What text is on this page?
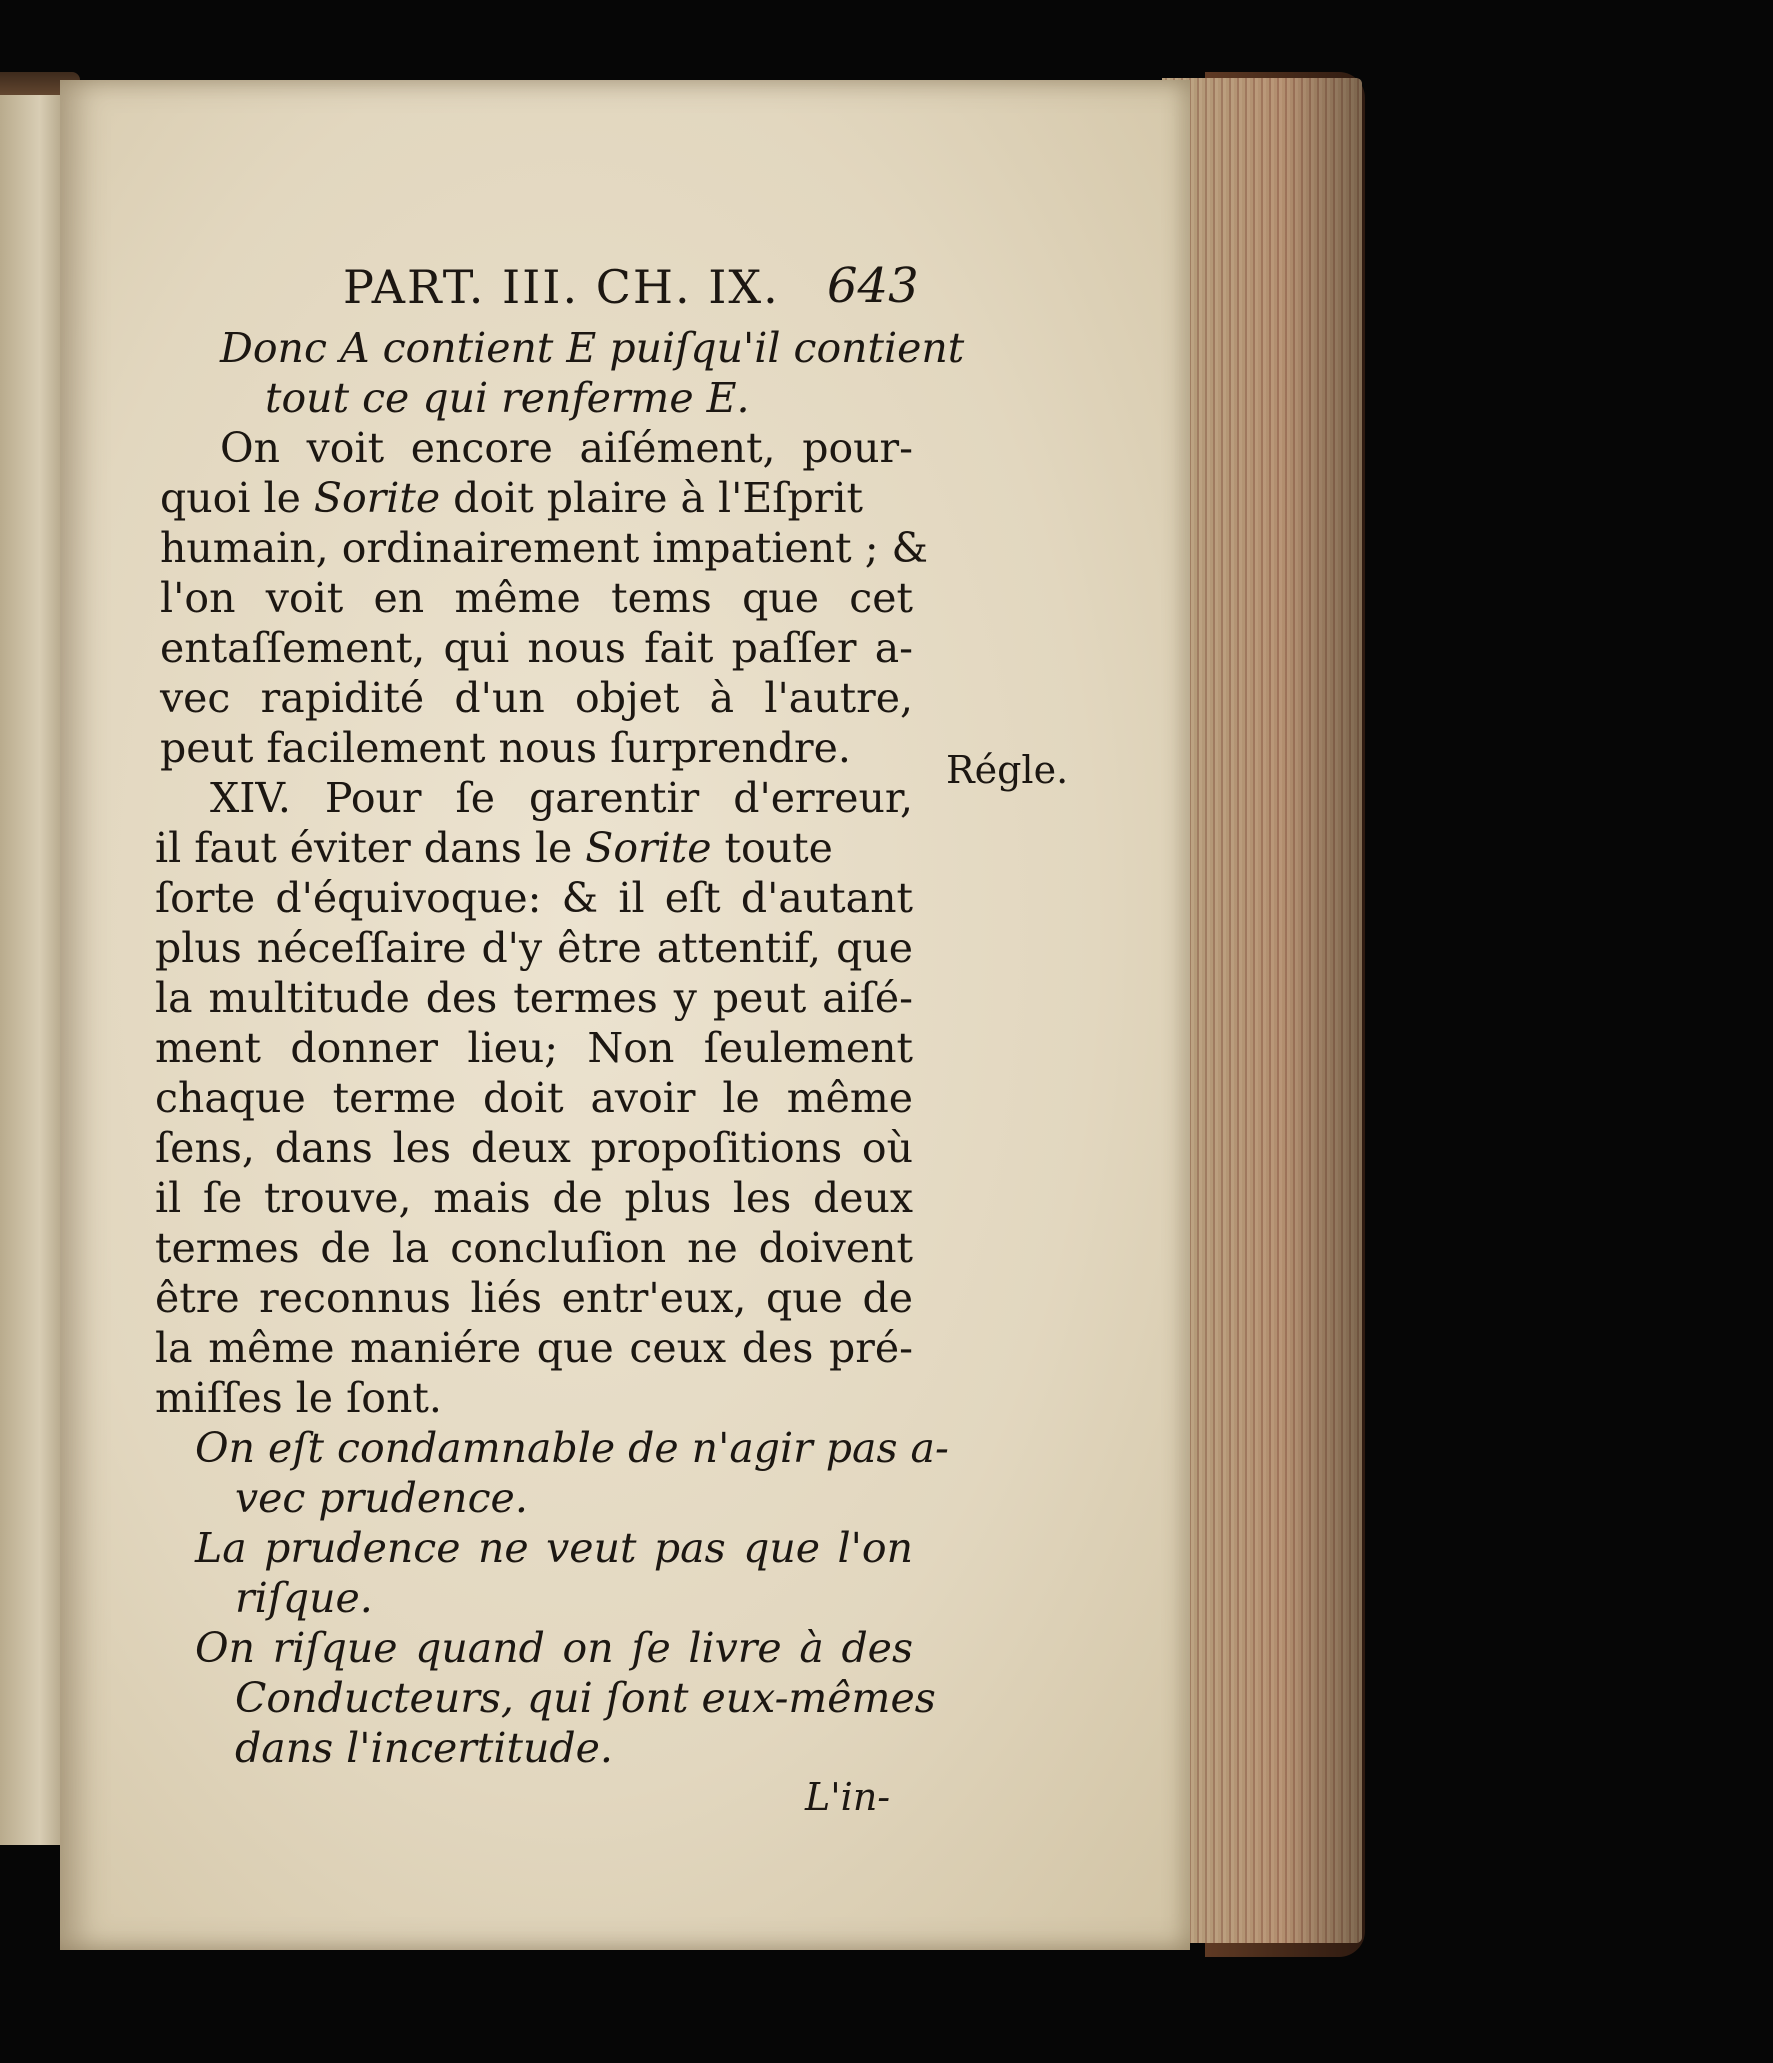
PART. III. CH. IX. 643
Donc A contient E puiſqu'il contient
tout ce qui renferme E.
On voit encore aiſément, pour-
quoi le Sorite doit plaire à l'Eſprit
humain, ordinairement impatient ; &
l'on voit en même tems que cet
entaſſement, qui nous fait paſſer a-
vec rapidité d'un objet à l'autre,
peut facilement nous ſurprendre.
XIV. Pour ſe garentir d'erreur,
il faut éviter dans le Sorite toute
ſorte d'équivoque: & il eſt d'autant
plus néceſſaire d'y être attentif, que
la multitude des termes y peut aiſé-
ment donner lieu; Non ſeulement
chaque terme doit avoir le même
ſens, dans les deux propoſitions où
il ſe trouve, mais de plus les deux
termes de la concluſion ne doivent
être reconnus liés entr'eux, que de
la même maniére que ceux des pré-
miſſes le ſont.
On eſt condamnable de n'agir pas a-
vec prudence.
La prudence ne veut pas que l'on
riſque.
On riſque quand on ſe livre à des
Conducteurs, qui ſont eux-mêmes
dans l'incertitude.
L'in-
Régle.
